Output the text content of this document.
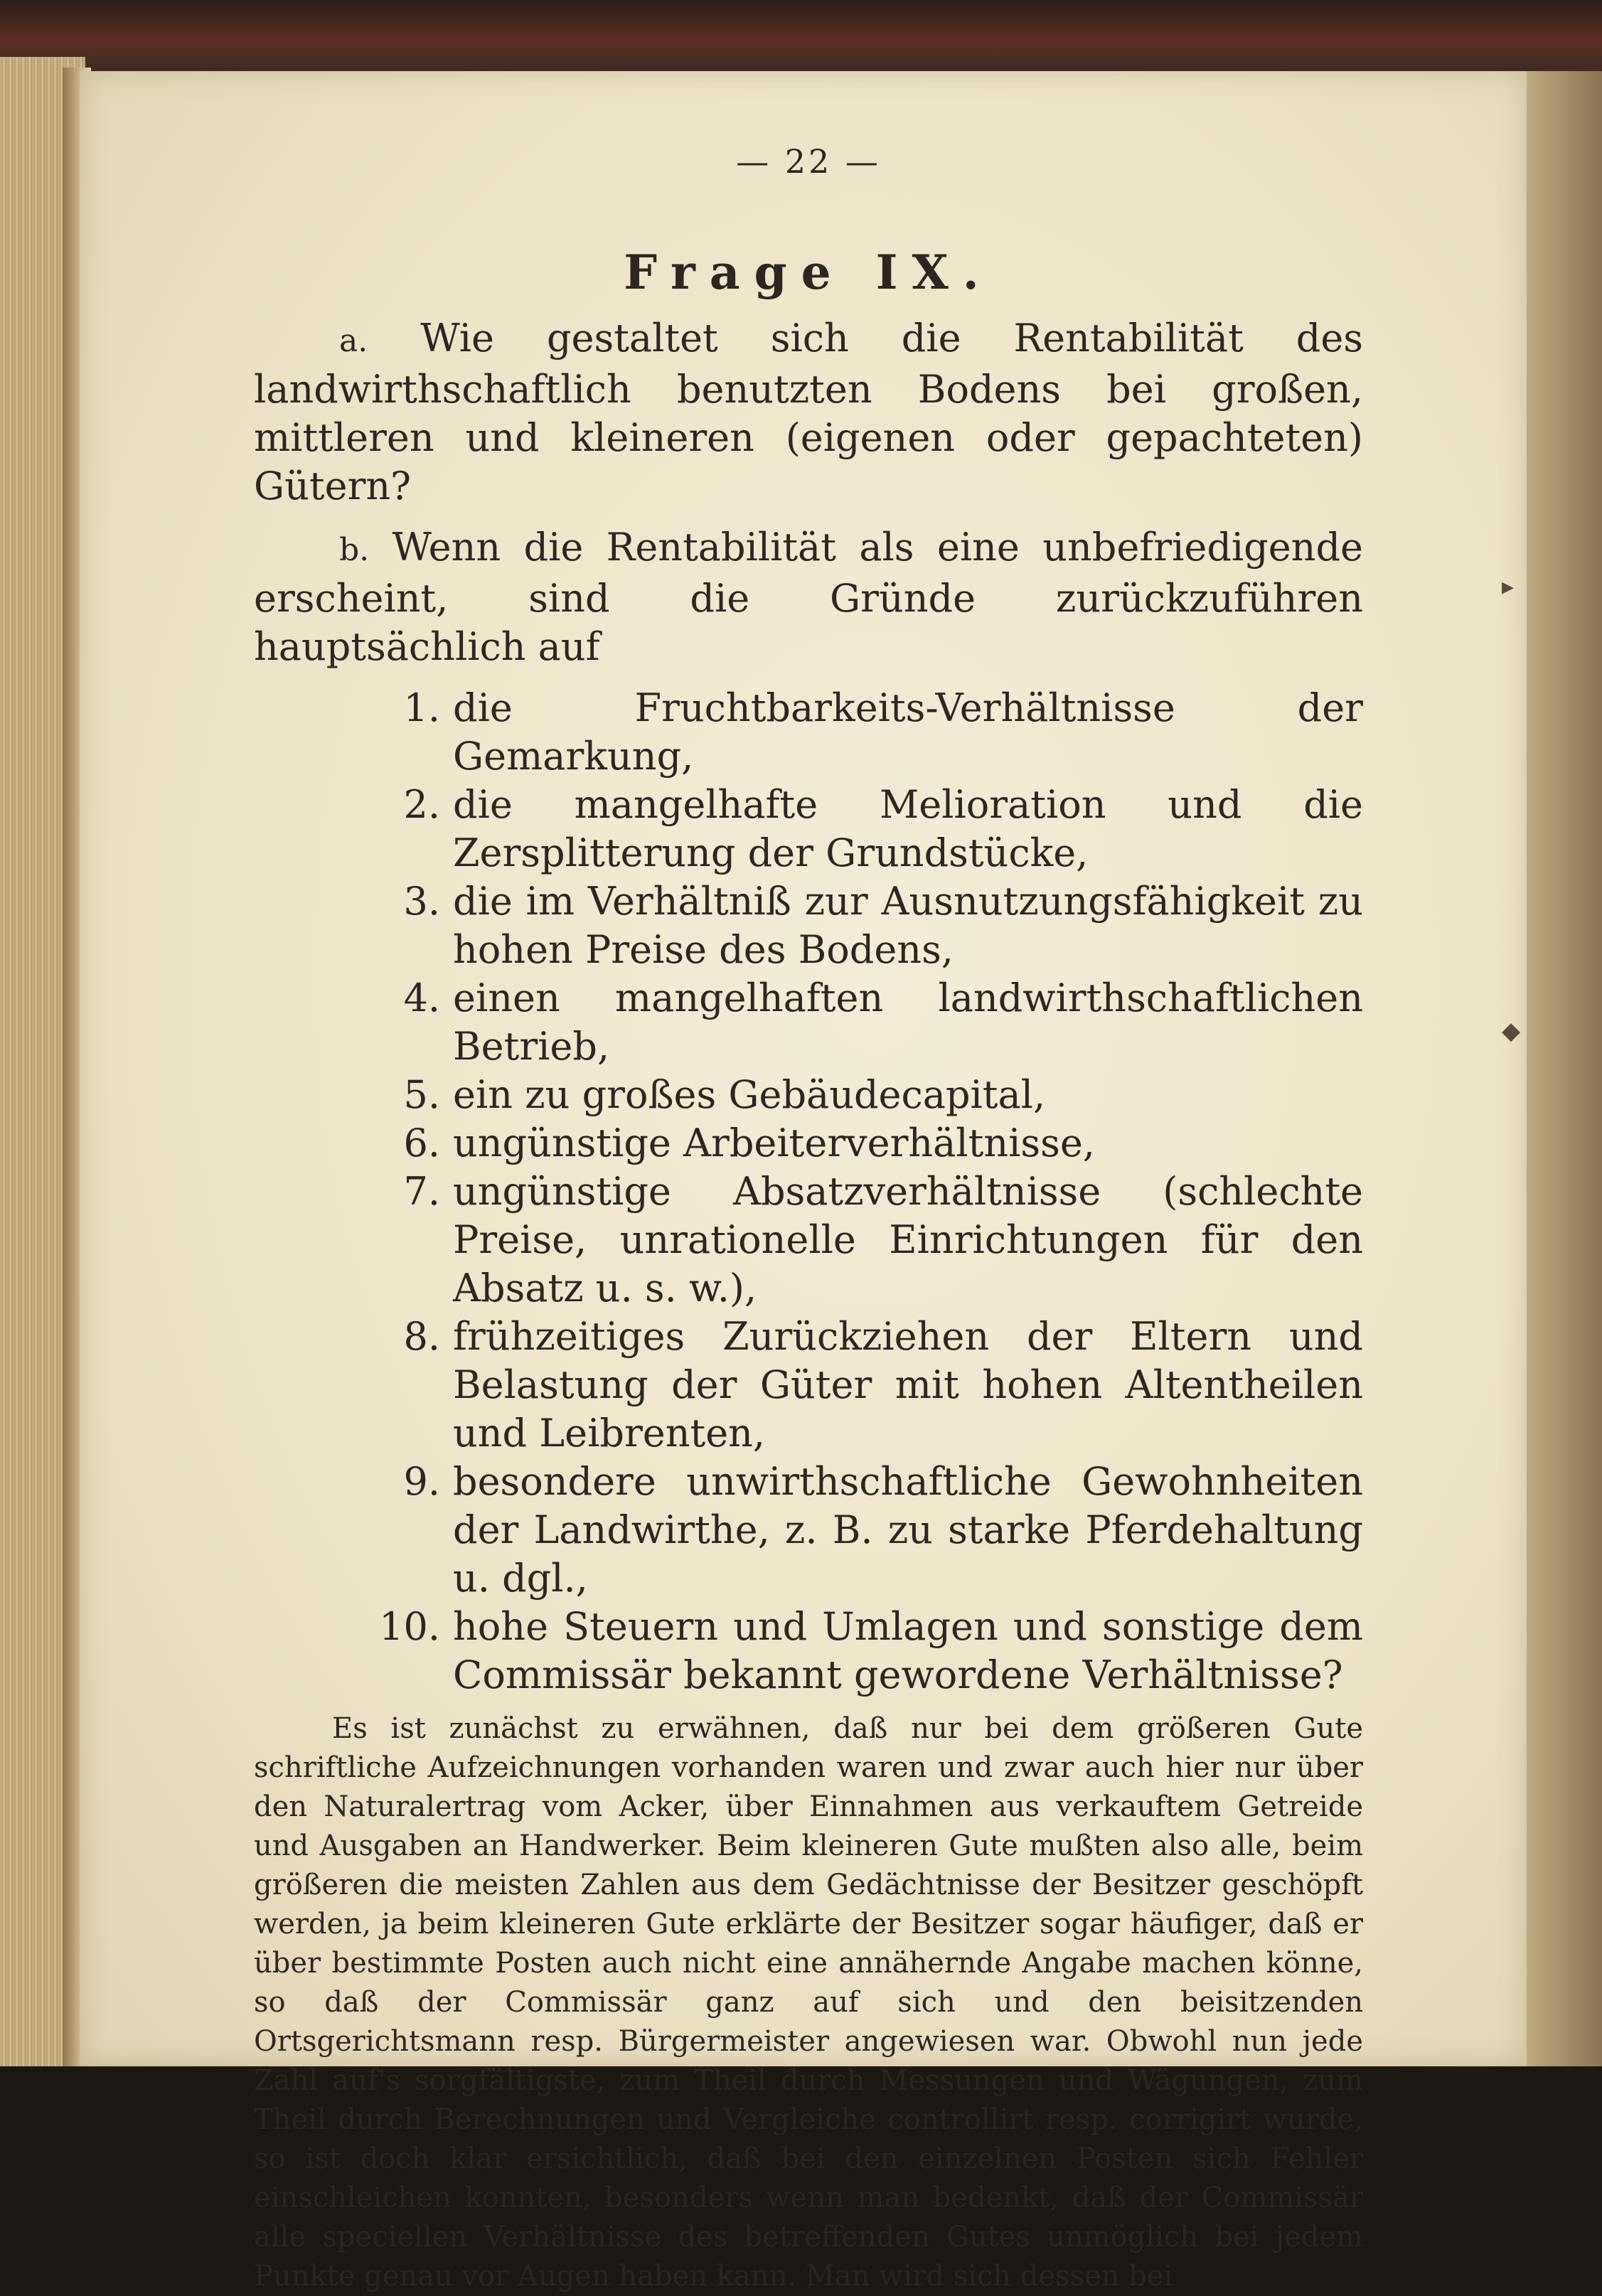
▸
◆
— 22 —
Frage IX.

a. Wie gestaltet sich die Rentabilität des landwirthschaftlich benutzten Bodens bei großen, mittleren und kleineren (eigenen oder gepachteten) Gütern?

b. Wenn die Rentabilität als eine unbefriedigende erscheint, sind die Gründe zurückzuführen hauptsächlich auf

1. die Fruchtbarkeits-Verhältnisse der Gemarkung,
2. die mangelhafte Melioration und die Zersplitterung der Grundstücke,
3. die im Verhältniß zur Ausnutzungsfähigkeit zu hohen Preise des Bodens,
4. einen mangelhaften landwirthschaftlichen Betrieb,
5. ein zu großes Gebäudecapital,
6. ungünstige Arbeiterverhältnisse,
7. ungünstige Absatzverhältnisse (schlechte Preise, unrationelle Einrichtungen für den Absatz u. s. w.),
8. frühzeitiges Zurückziehen der Eltern und Belastung der Güter mit hohen Altentheilen und Leibrenten,
9. besondere unwirthschaftliche Gewohnheiten der Landwirthe, z. B. zu starke Pferdehaltung u. dgl.,
10. hohe Steuern und Umlagen und sonstige dem Commissär bekannt gewordene Verhältnisse?

Es ist zunächst zu erwähnen, daß nur bei dem größeren Gute schriftliche Aufzeichnungen vorhanden waren und zwar auch hier nur über den Naturalertrag vom Acker, über Einnahmen aus verkauftem Getreide und Ausgaben an Handwerker. Beim kleineren Gute mußten also alle, beim größeren die meisten Zahlen aus dem Gedächtnisse der Besitzer geschöpft werden, ja beim kleineren Gute erklärte der Besitzer sogar häufiger, daß er über bestimmte Posten auch nicht eine annähernde Angabe machen könne, so daß der Commissär ganz auf sich und den beisitzenden Ortsgerichtsmann resp. Bürgermeister angewiesen war. Obwohl nun jede Zahl auf's sorgfältigste, zum Theil durch Messungen und Wägungen, zum Theil durch Berechnungen und Vergleiche controllirt resp. corrigirt wurde, so ist doch klar ersichtlich, daß bei den einzelnen Posten sich Fehler einschleichen konnten, besonders wenn man bedenkt, daß der Commissär alle speciellen Verhältnisse des betreffenden Gutes unmöglich bei jedem Punkte genau vor Augen haben kann. Man wird sich dessen bei
